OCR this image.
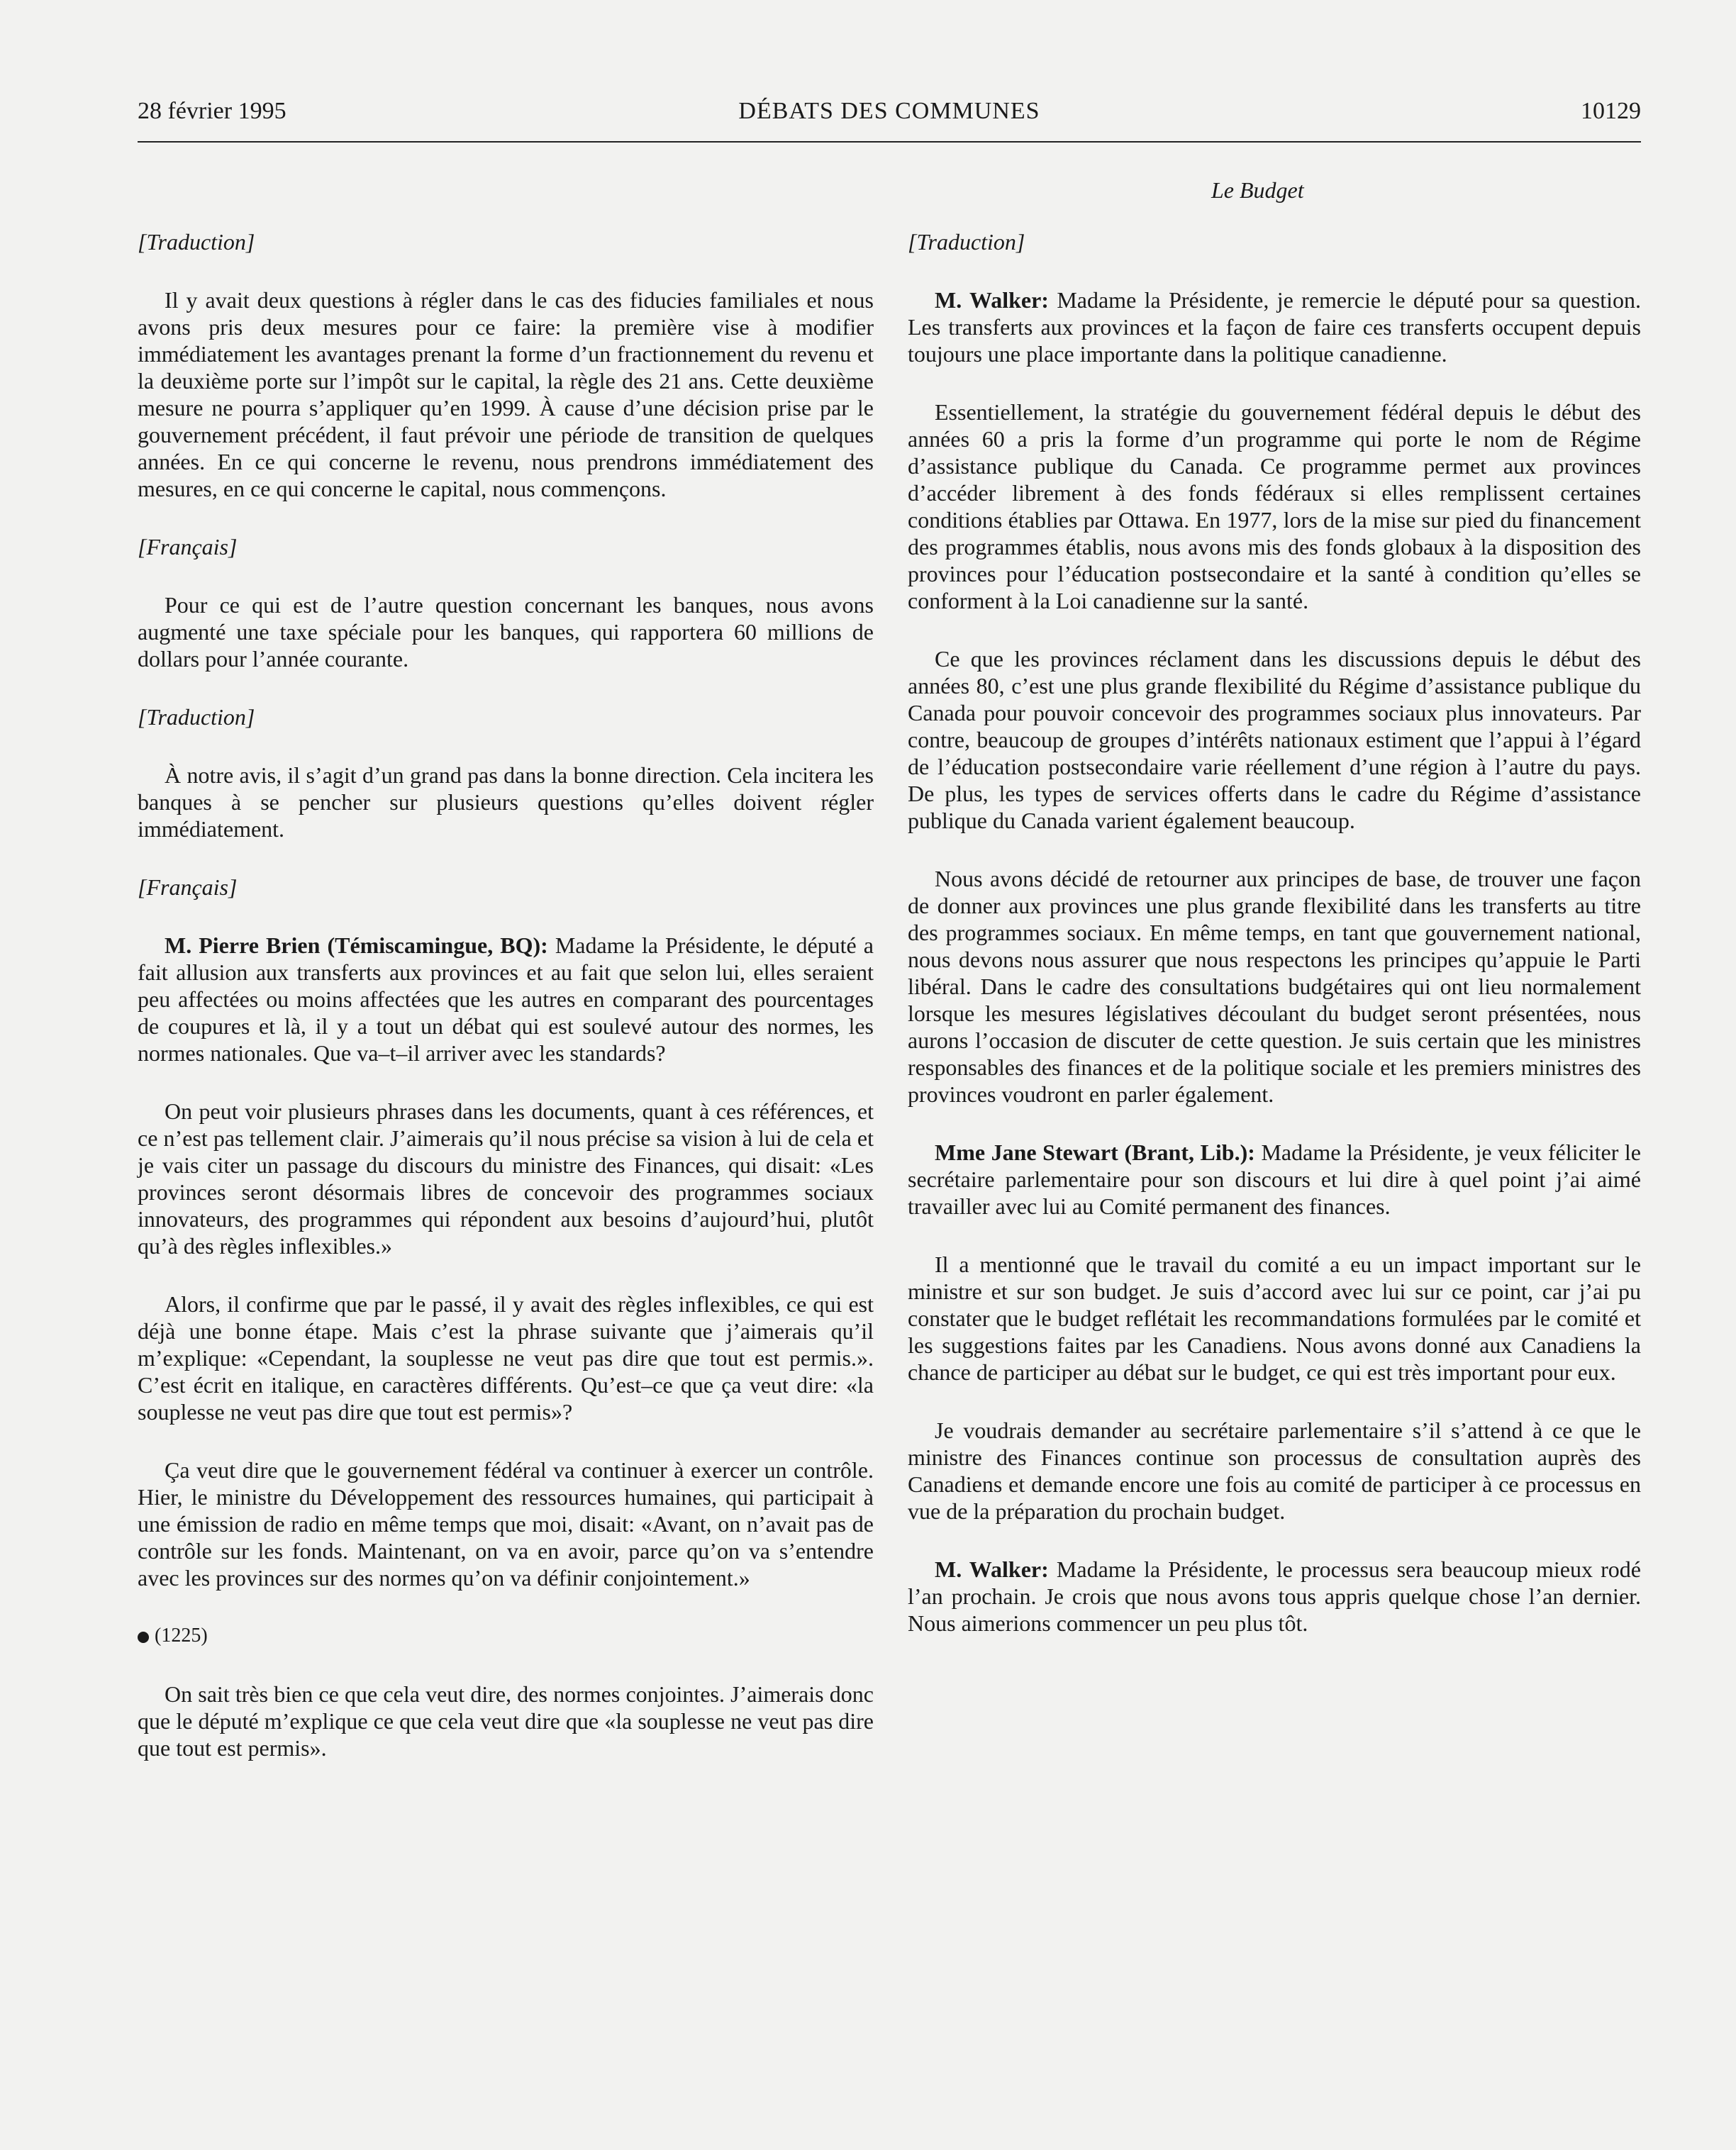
28 février 1995	DÉBATS DES COMMUNES	10129
Le Budget

[Traduction]

Il y avait deux questions à régler dans le cas des fiducies familiales et nous avons pris deux mesures pour ce faire: la première vise à modifier immédiatement les avantages prenant la forme d’un fractionnement du revenu et la deuxième porte sur l’impôt sur le capital, la règle des 21 ans. Cette deuxième mesure ne pourra s’appliquer qu’en 1999. À cause d’une décision prise par le gouvernement précédent, il faut prévoir une période de transition de quelques années. En ce qui concerne le revenu, nous prendrons immédiatement des mesures, en ce qui concerne le capital, nous commençons.

[Français]

Pour ce qui est de l’autre question concernant les banques, nous avons augmenté une taxe spéciale pour les banques, qui rapportera 60 millions de dollars pour l’année courante.

[Traduction]

À notre avis, il s’agit d’un grand pas dans la bonne direction. Cela incitera les banques à se pencher sur plusieurs questions qu’elles doivent régler immédiatement.

[Français]

M. Pierre Brien (Témiscamingue, BQ): Madame la Présidente, le député a fait allusion aux transferts aux provinces et au fait que selon lui, elles seraient peu affectées ou moins affectées que les autres en comparant des pourcentages de coupures et là, il y a tout un débat qui est soulevé autour des normes, les normes nationales. Que va–t–il arriver avec les standards?

On peut voir plusieurs phrases dans les documents, quant à ces références, et ce n’est pas tellement clair. J’aimerais qu’il nous précise sa vision à lui de cela et je vais citer un passage du discours du ministre des Finances, qui disait: «Les provinces seront désormais libres de concevoir des programmes sociaux innovateurs, des programmes qui répondent aux besoins d’aujourd’hui, plutôt qu’à des règles inflexibles.»

Alors, il confirme que par le passé, il y avait des règles inflexibles, ce qui est déjà une bonne étape. Mais c’est la phrase suivante que j’aimerais qu’il m’explique: «Cependant, la souplesse ne veut pas dire que tout est permis.». C’est écrit en italique, en caractères différents. Qu’est–ce que ça veut dire: «la souplesse ne veut pas dire que tout est permis»?

Ça veut dire que le gouvernement fédéral va continuer à exercer un contrôle. Hier, le ministre du Développement des ressources humaines, qui participait à une émission de radio en même temps que moi, disait: «Avant, on n’avait pas de contrôle sur les fonds. Maintenant, on va en avoir, parce qu’on va s’entendre avec les provinces sur des normes qu’on va définir conjointement.»

(1225)

On sait très bien ce que cela veut dire, des normes conjointes. J’aimerais donc que le député m’explique ce que cela veut dire que «la souplesse ne veut pas dire que tout est permis».

[Traduction]

M. Walker: Madame la Présidente, je remercie le député pour sa question. Les transferts aux provinces et la façon de faire ces transferts occupent depuis toujours une place importante dans la politique canadienne.

Essentiellement, la stratégie du gouvernement fédéral depuis le début des années 60 a pris la forme d’un programme qui porte le nom de Régime d’assistance publique du Canada. Ce programme permet aux provinces d’accéder librement à des fonds fédéraux si elles remplissent certaines conditions établies par Ottawa. En 1977, lors de la mise sur pied du financement des programmes établis, nous avons mis des fonds globaux à la disposition des provinces pour l’éducation postsecondaire et la santé à condition qu’elles se conforment à la Loi canadienne sur la santé.

Ce que les provinces réclament dans les discussions depuis le début des années 80, c’est une plus grande flexibilité du Régime d’assistance publique du Canada pour pouvoir concevoir des programmes sociaux plus innovateurs. Par contre, beaucoup de groupes d’intérêts nationaux estiment que l’appui à l’égard de l’éducation postsecondaire varie réellement d’une région à l’autre du pays. De plus, les types de services offerts dans le cadre du Régime d’assistance publique du Canada varient également beaucoup.

Nous avons décidé de retourner aux principes de base, de trouver une façon de donner aux provinces une plus grande flexibilité dans les transferts au titre des programmes sociaux. En même temps, en tant que gouvernement national, nous devons nous assurer que nous respectons les principes qu’appuie le Parti libéral. Dans le cadre des consultations budgétaires qui ont lieu normalement lorsque les mesures législatives découlant du budget seront présentées, nous aurons l’occasion de discuter de cette question. Je suis certain que les ministres responsables des finances et de la politique sociale et les premiers ministres des provinces voudront en parler également.

Mme Jane Stewart (Brant, Lib.): Madame la Présidente, je veux féliciter le secrétaire parlementaire pour son discours et lui dire à quel point j’ai aimé travailler avec lui au Comité permanent des finances.

Il a mentionné que le travail du comité a eu un impact important sur le ministre et sur son budget. Je suis d’accord avec lui sur ce point, car j’ai pu constater que le budget reflétait les recommandations formulées par le comité et les suggestions faites par les Canadiens. Nous avons donné aux Canadiens la chance de participer au débat sur le budget, ce qui est très important pour eux.

Je voudrais demander au secrétaire parlementaire s’il s’attend à ce que le ministre des Finances continue son processus de consultation auprès des Canadiens et demande encore une fois au comité de participer à ce processus en vue de la préparation du prochain budget.

M. Walker: Madame la Présidente, le processus sera beaucoup mieux rodé l’an prochain. Je crois que nous avons tous appris quelque chose l’an dernier. Nous aimerions commencer un peu plus tôt.
